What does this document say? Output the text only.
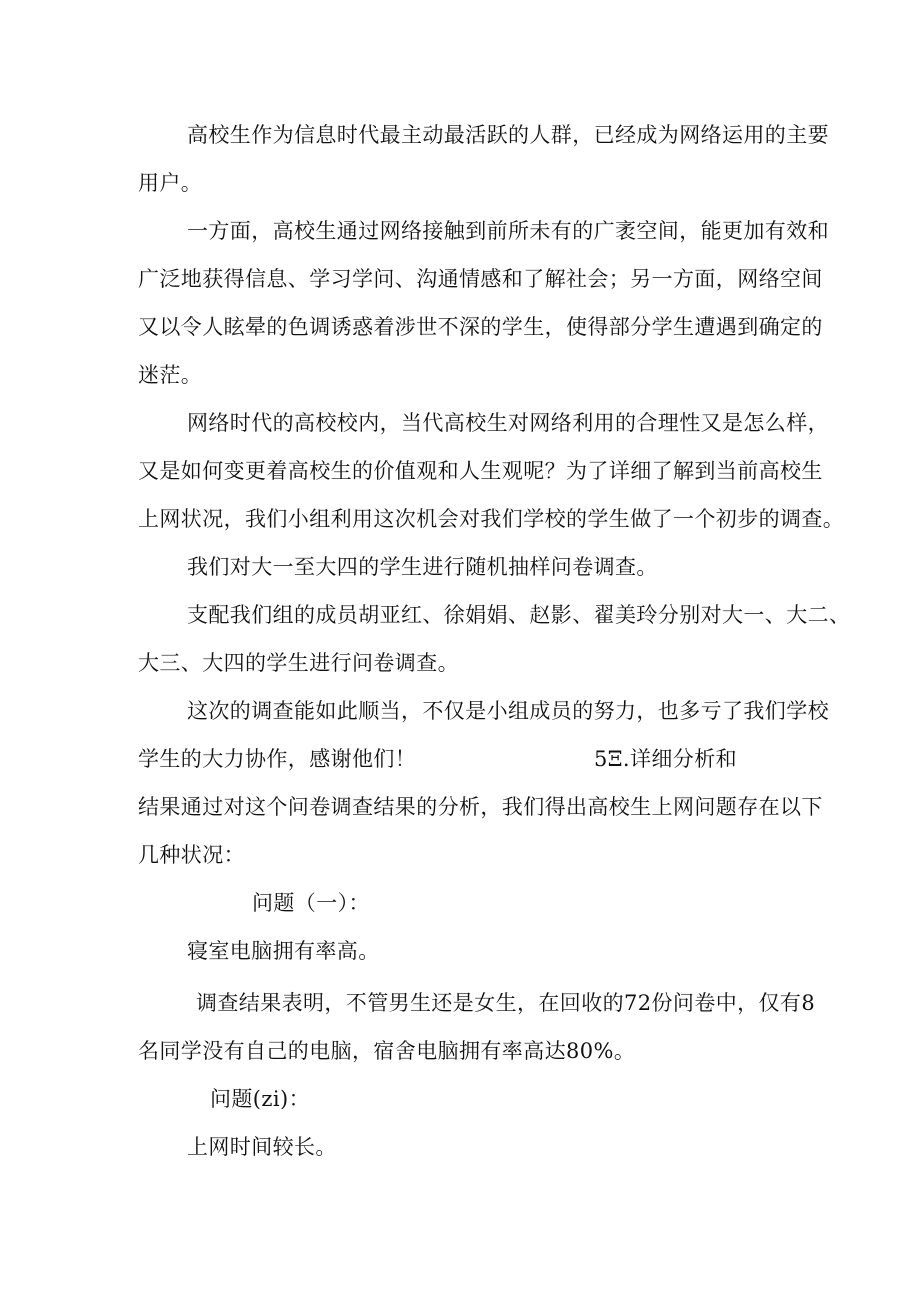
高校生作为信息时代最主动最活跃的人群，已经成为网络运用的主要
用户。
一方面，高校生通过网络接触到前所未有的广袤空间，能更加有效和
广泛地获得信息、学习学问、沟通情感和了解社会；另一方面，网络空间
又以令人眩晕的色调诱惑着涉世不深的学生，使得部分学生遭遇到确定的
迷茫。
网络时代的高校校内，当代高校生对网络利用的合理性又是怎么样，
又是如何变更着高校生的价值观和人生观呢？为了详细了解到当前高校生
上网状况，我们小组利用这次机会对我们学校的学生做了一个初步的调查。
我们对大一至大四的学生进行随机抽样问卷调查。
支配我们组的成员胡亚红、徐娟娟、赵影、翟美玲分别对大一、大二、
大三、大四的学生进行问卷调查。
这次的调查能如此顺当，不仅是小组成员的努力，也多亏了我们学校
学生的大力协作，感谢他们！	5Ξ.详细分析和
结果通过对这个问卷调查结果的分析，我们得出高校生上网问题存在以下
几种状况：
问题（一）：
寝室电脑拥有率高。
调查结果表明，不管男生还是女生，在回收的72份问卷中，仅有8
名同学没有自己的电脑，宿舍电脑拥有率高达80%。
问题(zi)：
上网时间较长。
